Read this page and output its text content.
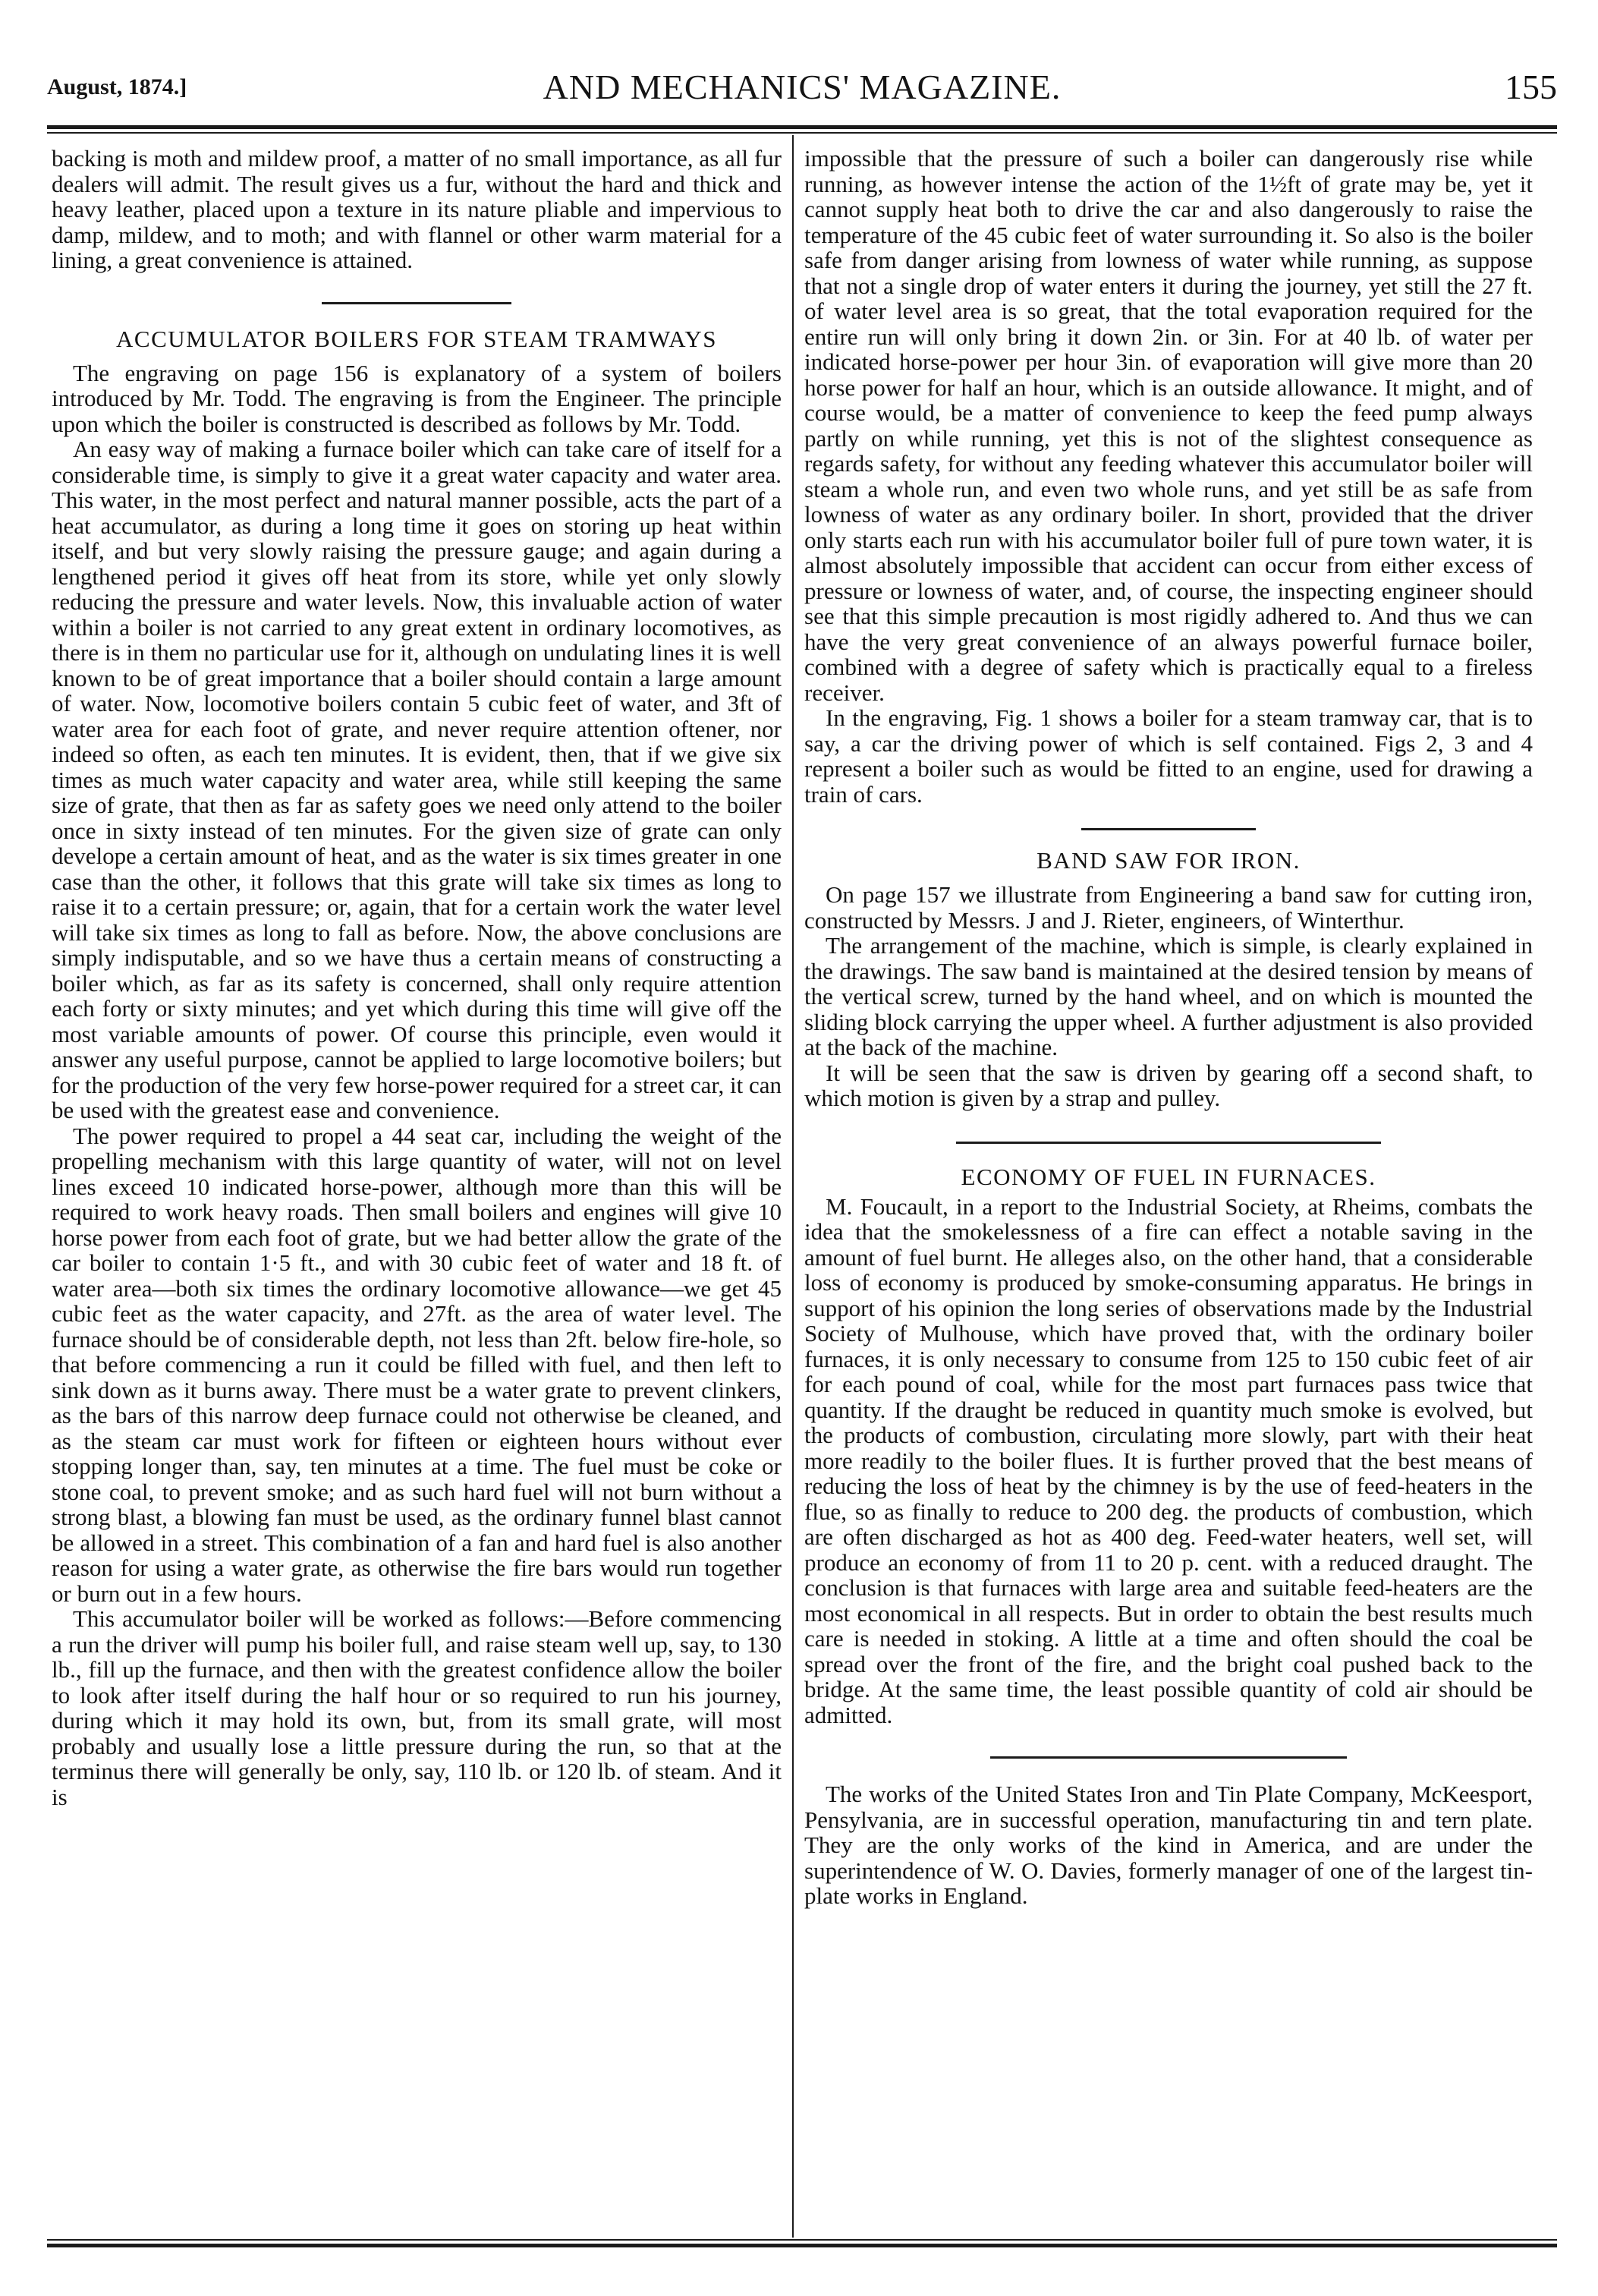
August, 1874.]	AND MECHANICS' MAGAZINE.	155

backing is moth and mildew proof, a matter of no small importance, as all fur dealers will admit. The result gives us a fur, without the hard and thick and heavy leather, placed upon a texture in its nature pliable and impervious to damp, mildew, and to moth; and with flannel or other warm material for a lining, a great convenience is attained.

ACCUMULATOR BOILERS FOR STEAM TRAMWAYS

The engraving on page 156 is explanatory of a system of boilers introduced by Mr. Todd. The engraving is from the Engineer. The principle upon which the boiler is constructed is described as follows by Mr. Todd.

An easy way of making a furnace boiler which can take care of itself for a considerable time, is simply to give it a great water capacity and water area. This water, in the most perfect and natural manner possible, acts the part of a heat accumulator, as during a long time it goes on storing up heat within itself, and but very slowly raising the pressure gauge; and again during a lengthened period it gives off heat from its store, while yet only slowly reducing the pressure and water levels. Now, this invaluable action of water within a boiler is not carried to any great extent in ordinary locomotives, as there is in them no particular use for it, although on undulating lines it is well known to be of great importance that a boiler should contain a large amount of water. Now, locomotive boilers contain 5 cubic feet of water, and 3ft of water area for each foot of grate, and never require attention oftener, nor indeed so often, as each ten minutes. It is evident, then, that if we give six times as much water capacity and water area, while still keeping the same size of grate, that then as far as safety goes we need only attend to the boiler once in sixty instead of ten minutes. For the given size of grate can only develope a certain amount of heat, and as the water is six times greater in one case than the other, it follows that this grate will take six times as long to raise it to a certain pressure; or, again, that for a certain work the water level will take six times as long to fall as before. Now, the above conclusions are simply indisputable, and so we have thus a certain means of constructing a boiler which, as far as its safety is concerned, shall only require attention each forty or sixty minutes; and yet which during this time will give off the most variable amounts of power. Of course this principle, even would it answer any useful purpose, cannot be applied to large locomotive boilers; but for the production of the very few horse-power required for a street car, it can be used with the greatest ease and convenience.

The power required to propel a 44 seat car, including the weight of the propelling mechanism with this large quantity of water, will not on level lines exceed 10 indicated horse-power, although more than this will be required to work heavy roads. Then small boilers and engines will give 10 horse power from each foot of grate, but we had better allow the grate of the car boiler to contain 1·5 ft., and with 30 cubic feet of water and 18 ft. of water area—both six times the ordinary locomotive allowance—we get 45 cubic feet as the water capacity, and 27ft. as the area of water level. The furnace should be of considerable depth, not less than 2ft. below fire-hole, so that before commencing a run it could be filled with fuel, and then left to sink down as it burns away. There must be a water grate to prevent clinkers, as the bars of this narrow deep furnace could not otherwise be cleaned, and as the steam car must work for fifteen or eighteen hours without ever stopping longer than, say, ten minutes at a time. The fuel must be coke or stone coal, to prevent smoke; and as such hard fuel will not burn without a strong blast, a blowing fan must be used, as the ordinary funnel blast cannot be allowed in a street. This combination of a fan and hard fuel is also another reason for using a water grate, as otherwise the fire bars would run together or burn out in a few hours.

This accumulator boiler will be worked as follows:—Before commencing a run the driver will pump his boiler full, and raise steam well up, say, to 130 lb., fill up the furnace, and then with the greatest confidence allow the boiler to look after itself during the half hour or so required to run his journey, during which it may hold its own, but, from its small grate, will most probably and usually lose a little pressure during the run, so that at the terminus there will generally be only, say, 110 lb. or 120 lb. of steam. And it is

impossible that the pressure of such a boiler can dangerously rise while running, as however intense the action of the 1½ft of grate may be, yet it cannot supply heat both to drive the car and also dangerously to raise the temperature of the 45 cubic feet of water surrounding it. So also is the boiler safe from danger arising from lowness of water while running, as suppose that not a single drop of water enters it during the journey, yet still the 27 ft. of water level area is so great, that the total evaporation required for the entire run will only bring it down 2in. or 3in. For at 40 lb. of water per indicated horse-power per hour 3in. of evaporation will give more than 20 horse power for half an hour, which is an outside allowance. It might, and of course would, be a matter of convenience to keep the feed pump always partly on while running, yet this is not of the slightest consequence as regards safety, for without any feeding whatever this accumulator boiler will steam a whole run, and even two whole runs, and yet still be as safe from lowness of water as any ordinary boiler. In short, provided that the driver only starts each run with his accumulator boiler full of pure town water, it is almost absolutely impossible that accident can occur from either excess of pressure or lowness of water, and, of course, the inspecting engineer should see that this simple precaution is most rigidly adhered to. And thus we can have the very great convenience of an always powerful furnace boiler, combined with a degree of safety which is practically equal to a fireless receiver.

In the engraving, Fig. 1 shows a boiler for a steam tramway car, that is to say, a car the driving power of which is self contained. Figs 2, 3 and 4 represent a boiler such as would be fitted to an engine, used for drawing a train of cars.

BAND SAW FOR IRON.

On page 157 we illustrate from Engineering a band saw for cutting iron, constructed by Messrs. J and J. Rieter, engineers, of Winterthur.

The arrangement of the machine, which is simple, is clearly explained in the drawings. The saw band is maintained at the desired tension by means of the vertical screw, turned by the hand wheel, and on which is mounted the sliding block carrying the upper wheel. A further adjustment is also provided at the back of the machine.

It will be seen that the saw is driven by gearing off a second shaft, to which motion is given by a strap and pulley.

ECONOMY OF FUEL IN FURNACES.

M. Foucault, in a report to the Industrial Society, at Rheims, combats the idea that the smokelessness of a fire can effect a notable saving in the amount of fuel burnt. He alleges also, on the other hand, that a considerable loss of economy is produced by smoke-consuming apparatus. He brings in support of his opinion the long series of observations made by the Industrial Society of Mulhouse, which have proved that, with the ordinary boiler furnaces, it is only necessary to consume from 125 to 150 cubic feet of air for each pound of coal, while for the most part furnaces pass twice that quantity. If the draught be reduced in quantity much smoke is evolved, but the products of combustion, circulating more slowly, part with their heat more readily to the boiler flues. It is further proved that the best means of reducing the loss of heat by the chimney is by the use of feed-heaters in the flue, so as finally to reduce to 200 deg. the products of combustion, which are often discharged as hot as 400 deg. Feed-water heaters, well set, will produce an economy of from 11 to 20 p. cent. with a reduced draught. The conclusion is that furnaces with large area and suitable feed-heaters are the most economical in all respects. But in order to obtain the best results much care is needed in stoking. A little at a time and often should the coal be spread over the front of the fire, and the bright coal pushed back to the bridge. At the same time, the least possible quantity of cold air should be admitted.

The works of the United States Iron and Tin Plate Company, McKeesport, Pensylvania, are in successful operation, manufacturing tin and tern plate. They are the only works of the kind in America, and are under the superintendence of W. O. Davies, formerly manager of one of the largest tin-plate works in England.
